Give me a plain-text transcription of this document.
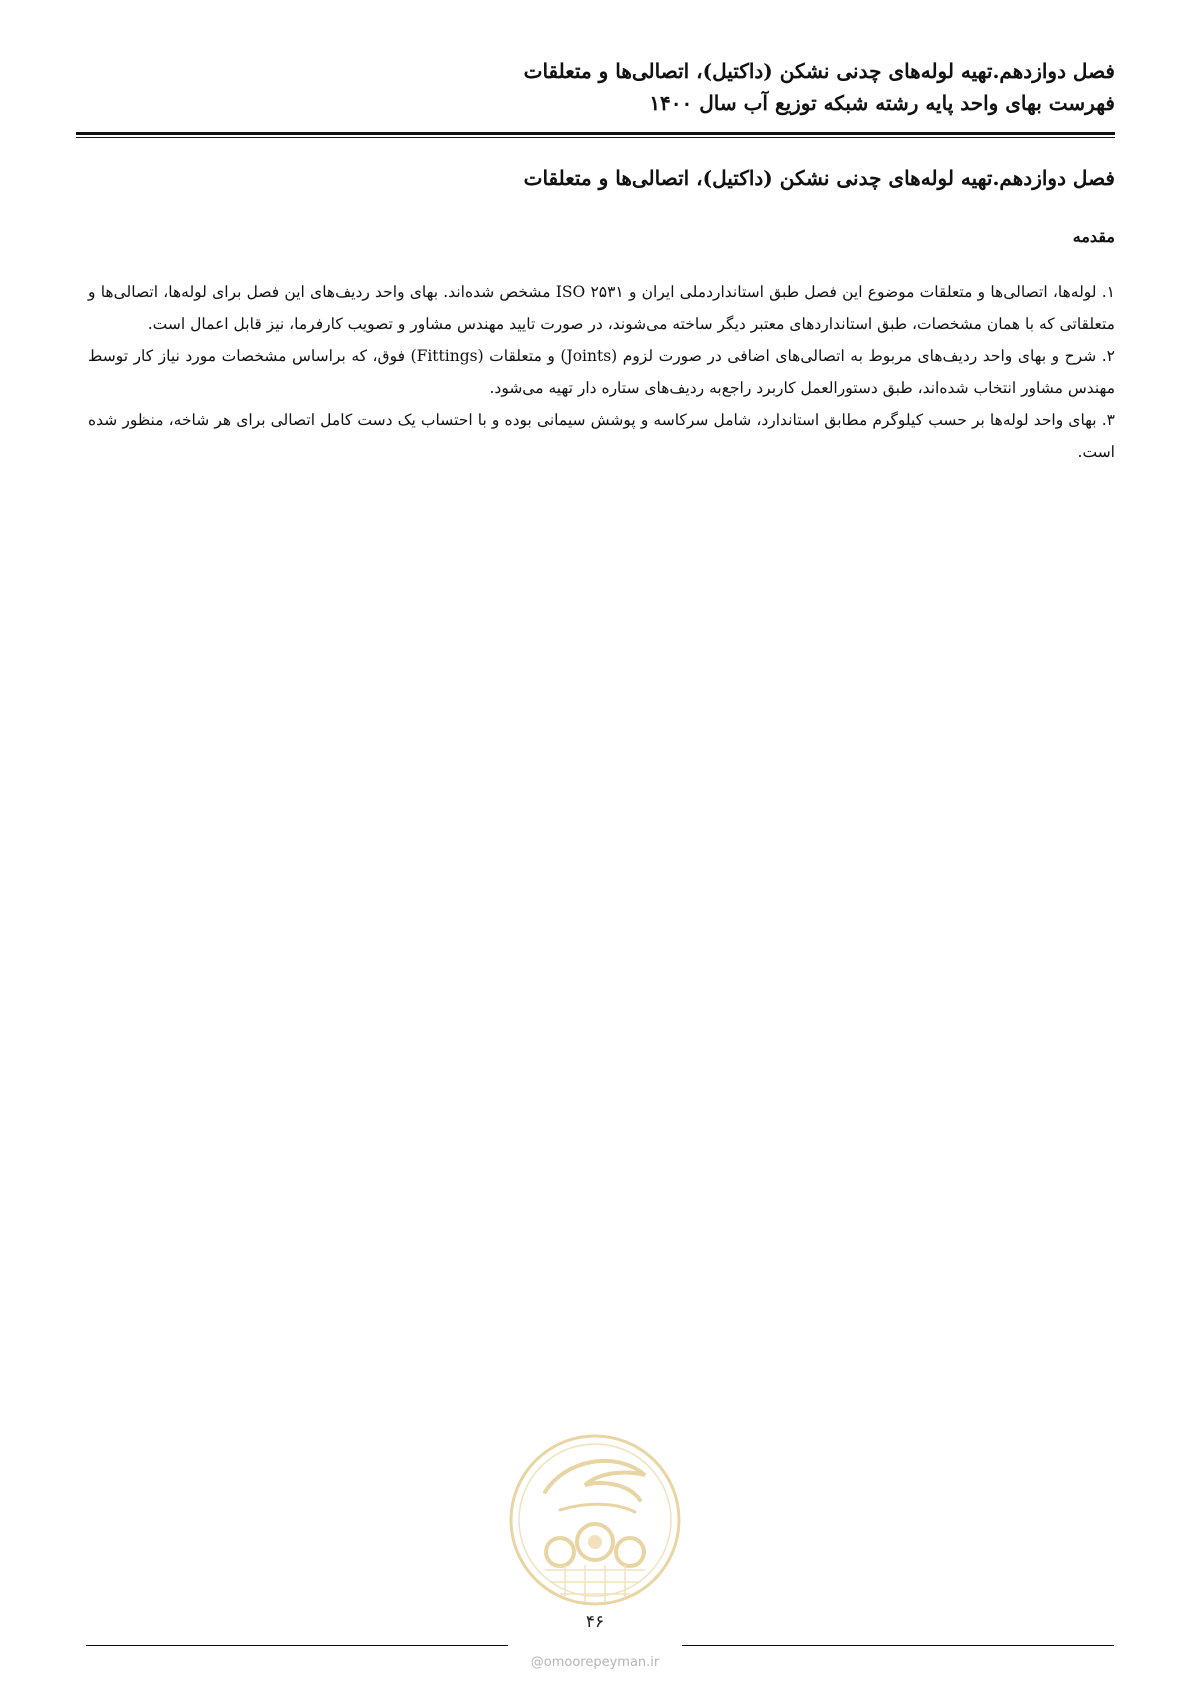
فصل دوازدهم.تهیه لوله‌های چدنی نشکن (داکتیل)، اتصالی‌ها و متعلقات
فهرست بهای واحد پایه رشته شبکه توزیع آب سال ۱۴۰۰
فصل دوازدهم.تهیه لوله‌های چدنی نشکن (داکتیل)، اتصالی‌ها و متعلقات
مقدمه

۱. لوله‌ها، اتصالی‌ها و متعلقات موضوع این فصل طبق استانداردملی ایران و ISO ۲۵۳۱ مشخص شده‌اند. بهای واحد ردیف‌های این فصل برای لوله‌ها، اتصالی‌ها و متعلقاتی که با همان مشخصات، طبق استانداردهای معتبر دیگر ساخته می‌شوند، در صورت تایید مهندس مشاور و تصویب کارفرما، نیز قابل اعمال است.

۲. شرح و بهای واحد ردیف‌های مربوط به اتصالی‌های اضافی در صورت لزوم (Joints) و متعلقات (Fittings) فوق، که براساس مشخصات مورد نیاز کار توسط مهندس مشاور انتخاب شده‌اند، طبق دستورالعمل کاربرد راجع‌به ردیف‌های ستاره دار تهیه می‌شود.

۳. بهای واحد لوله‌ها بر حسب کیلوگرم مطابق استاندارد، شامل سرکاسه و پوشش سیمانی بوده و با احتساب یک دست کامل اتصالی برای هر شاخه، منظور شده است.

۴۶
@omoorepeyman.ir
